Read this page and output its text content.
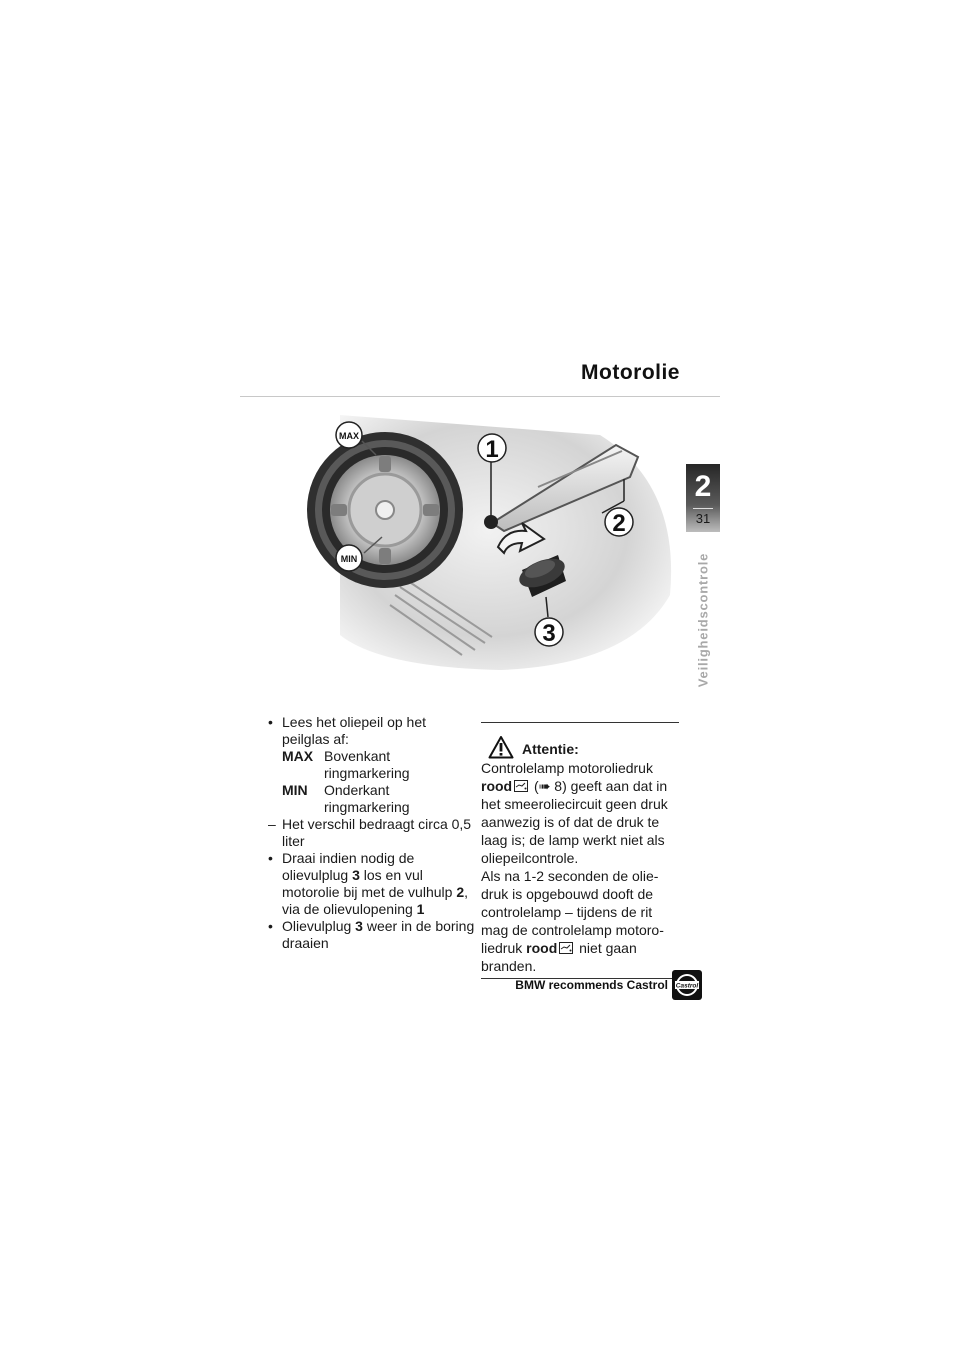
Motorolie
MAX
MIN
1
2
3
2
31
Veiligheidscontrole
• Lees het oliepeil op het peilglas af:
MAX Bovenkant ringmarkering
MIN	Onderkant ringmarkering
– Het verschil bedraagt circa 0,5 liter
• Draai indien nodig de olievulplug 3 los en vul motorolie bij met de vulhulp 2, via de olievulopening 1
• Olievulplug 3 weer in de boring draaien
Attentie:
Controlelamp motoroliedruk rood (➠ 8) geeft aan dat in het smeeroliecircuit geen druk aanwezig is of dat de druk te laag is; de lamp werkt niet als oliepeilcontrole.
Als na 1-2 seconden de olie- druk is opgebouwd dooft de controlelamp – tijdens de rit mag de controlelamp motoro- liedruk rood niet gaan branden.
BMW recommends Castrol Castrol
